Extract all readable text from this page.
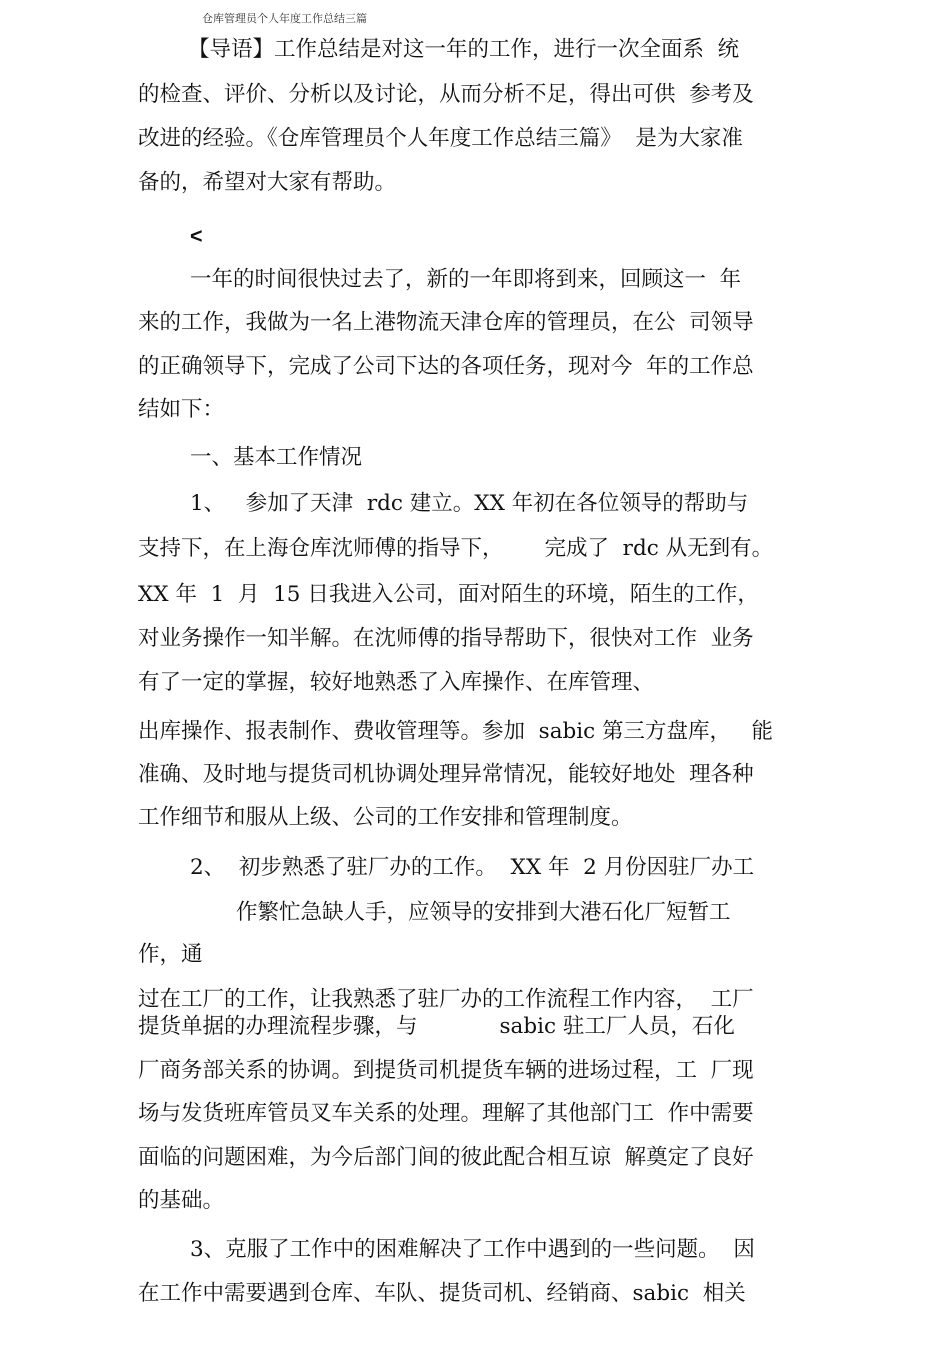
仓库管理员个人年度工作总结三篇

【导语】工作总结是对这一年的工作，进行一次全面系  统

的检查、评价、分析以及讨论，从而分析不足，得出可供  参考及

改进的经验。《仓库管理员个人年度工作总结三篇》  是为大家准

备的，希望对大家有帮助。

<

一年的时间很快过去了，新的一年即将到来，回顾这一  年

来的工作，我做为一名上港物流天津仓库的管理员，在公  司领导

的正确领导下，完成了公司下达的各项任务，现对今  年的工作总

结如下：

一、基本工作情况

1、   参加了天津  rdc 建立。XX 年初在各位领导的帮助与

支持下，在上海仓库沈师傅的指导下，      完成了  rdc 从无到有。

XX 年  1  月  15 日我进入公司，面对陌生的环境，陌生的工作，

对业务操作一知半解。在沈师傅的指导帮助下，很快对工作  业务

有了一定的掌握，较好地熟悉了入库操作、在库管理、

出库操作、报表制作、费收管理等。参加  sabic 第三方盘库，   能

准确、及时地与提货司机协调处理异常情况，能较好地处  理各种

工作细节和服从上级、公司的工作安排和管理制度。

2、  初步熟悉了驻厂办的工作。  XX 年  2 月份因驻厂办工

作繁忙急缺人手，应领导的安排到大港石化厂短暂工

作，通

过在工厂的工作，让我熟悉了驻厂办的工作流程工作内容，  工厂

提货单据的办理流程步骤，与            sabic 驻工厂人员，石化

厂商务部关系的协调。到提货司机提货车辆的进场过程，工  厂现

场与发货班库管员叉车关系的处理。理解了其他部门工  作中需要

面临的问题困难，为今后部门间的彼此配合相互谅  解奠定了良好

的基础。

3、克服了工作中的困难解决了工作中遇到的一些问题。  因

在工作中需要遇到仓库、车队、提货司机、经销商、sabic  相关
